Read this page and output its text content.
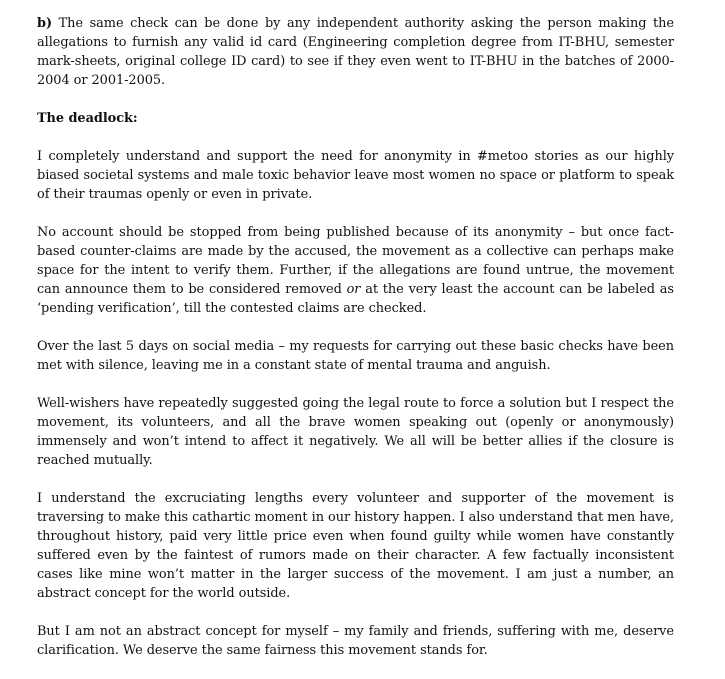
b) The same check can be done by any independent authority asking the person making the allegations to furnish any valid id card (Engineering completion degree from IT-BHU, semester mark-sheets, original college ID card) to see if they even went to IT-BHU in the batches of 2000-2004 or 2001-2005.

The deadlock:

I completely understand and support the need for anonymity in #metoo stories as our highly biased societal systems and male toxic behavior leave most women no space or platform to speak of their traumas openly or even in private.

No account should be stopped from being published because of its anonymity – but once fact-based counter-claims are made by the accused, the movement as a collective can perhaps make space for the intent to verify them. Further, if the allegations are found untrue, the movement can announce them to be considered removed or at the very least the account can be labeled as ‘pending verification’, till the contested claims are checked.

Over the last 5 days on social media – my requests for carrying out these basic checks have been met with silence, leaving me in a constant state of mental trauma and anguish.

Well-wishers have repeatedly suggested going the legal route to force a solution but I respect the movement, its volunteers, and all the brave women speaking out (openly or anonymously) immensely and won’t intend to affect it negatively. We all will be better allies if the closure is reached mutually.

I understand the excruciating lengths every volunteer and supporter of the movement is traversing to make this cathartic moment in our history happen. I also understand that men have, throughout history, paid very little price even when found guilty while women have constantly suffered even by the faintest of rumors made on their character. A few factually inconsistent cases like mine won’t matter in the larger success of the movement. I am just a number, an abstract concept for the world outside.

But I am not an abstract concept for myself – my family and friends, suffering with me, deserve clarification. We deserve the same fairness this movement stands for.
